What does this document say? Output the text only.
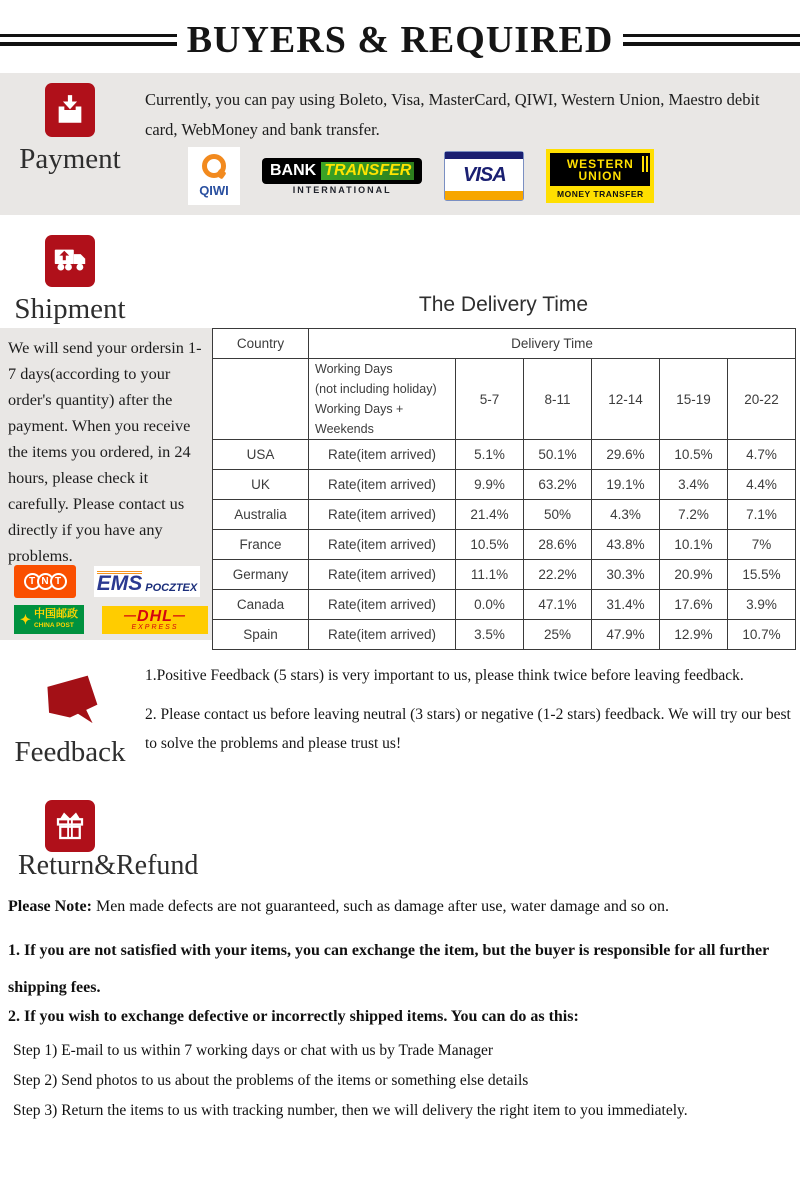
BUYERS & REQUIRED
Payment

Currently, you can pay using Boleto, Visa, MasterCard, QIWI, Western Union, Maestro debit card, WebMoney and bank transfer.

QIWI
BANK TRANSFER
INTERNATIONAL
VISA	WESTERN
UNION
MONEY TRANSFER
Shipment	The Delivery Time

We will send your ordersin 1-7 days(according to your order's quantity) after the payment. When you receive the items you ordered, in 24 hours, please check it carefully. Please contact us directly if you have any problems.

T N T EMS POCZTEX
✦ 中国邮政
CHINA POST	— DHL —
EXPRESS
Country	Delivery Time					

	Working Days
(not including holiday)
Working Days + Weekends	5-7	8-11	12-14	15-19	20-22
USA	Rate(item arrived)	5.1%	50.1%	29.6%	10.5%	4.7%
UK	Rate(item arrived)	9.9%	63.2%	19.1%	3.4%	4.4%
Australia	Rate(item arrived)	21.4%	50%	4.3%	7.2%	7.1%
France	Rate(item arrived)	10.5%	28.6%	43.8%	10.1%	7%
Germany	Rate(item arrived)	11.1%	22.2%	30.3%	20.9%	15.5%
Canada	Rate(item arrived)	0.0%	47.1%	31.4%	17.6%	3.9%
Spain	Rate(item arrived)	3.5%	25%	47.9%	12.9%	10.7%
Feedback

1.Positive Feedback (5 stars) is very important to us, please think twice before leaving feedback.

2. Please contact us before leaving neutral (3 stars) or negative (1-2 stars) feedback. We will try our best to solve the problems and please trust us!

Return&Refund

Please Note: Men made defects are not guaranteed, such as damage after use, water damage and so on.

1. If you are not satisfied with your items, you can exchange the item, but the buyer is responsible for all further shipping fees.

2. If you wish to exchange defective or incorrectly shipped items. You can do as this:

Step 1) E-mail to us within 7 working days or chat with us by Trade Manager
Step 2) Send photos to us about the problems of the items or something else details
Step 3) Return the items to us with tracking number, then we will delivery the right item to you immediately.
